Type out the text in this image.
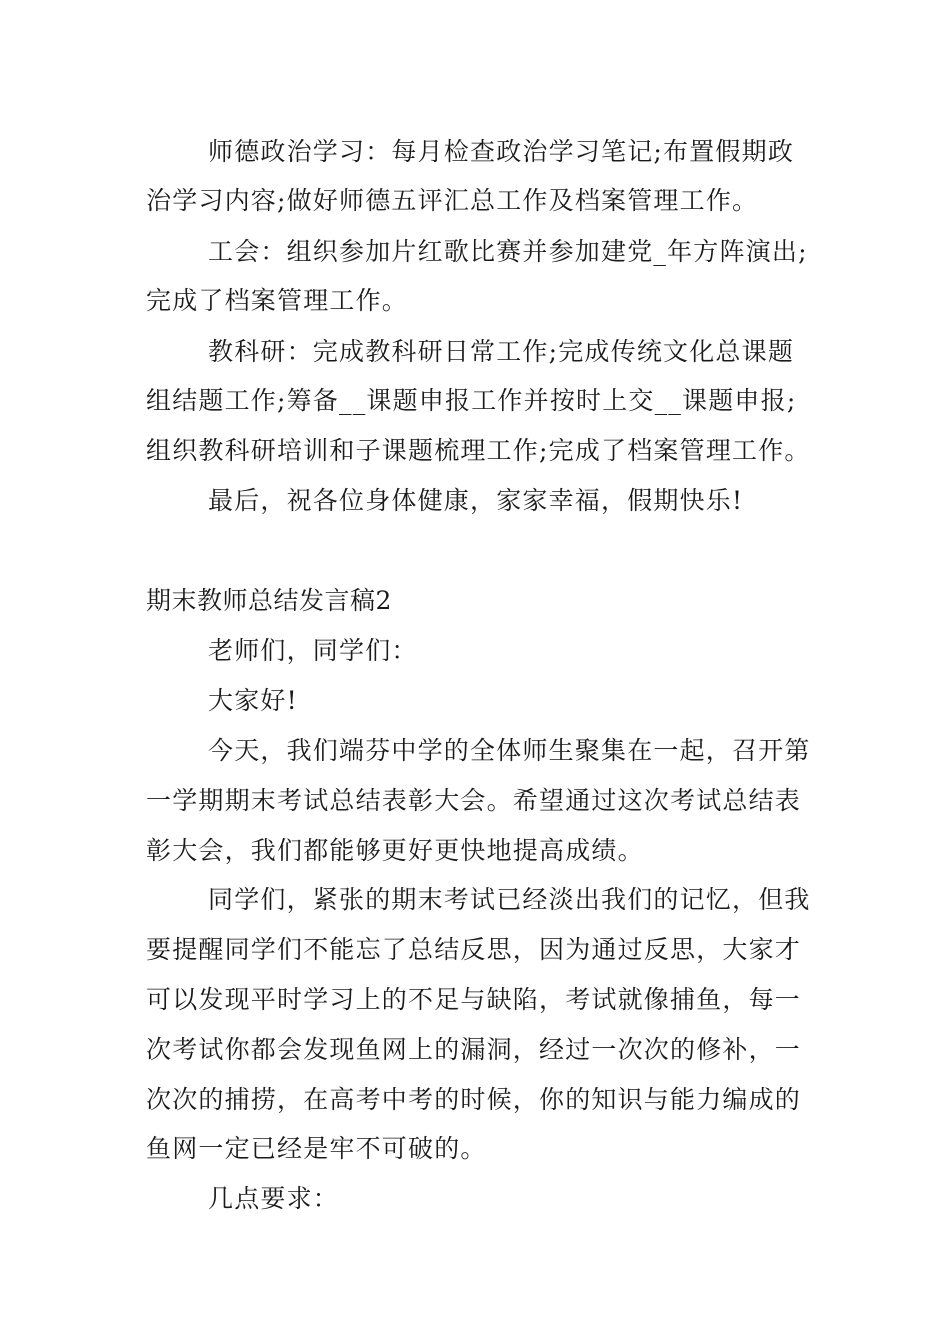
师德政治学习：每月检查政治学习笔记;布置假期政
治学习内容;做好师德五评汇总工作及档案管理工作。
工会：组织参加片红歌比赛并参加建党_年方阵演出;
完成了档案管理工作。
教科研：完成教科研日常工作;完成传统文化总课题
组结题工作;筹备__课题申报工作并按时上交__课题申报;
组织教科研培训和子课题梳理工作;完成了档案管理工作。
最后，祝各位身体健康，家家幸福，假期快乐!
期末教师总结发言稿2
老师们，同学们：
大家好!
今天，我们端芬中学的全体师生聚集在一起，召开第
一学期期末考试总结表彰大会。希望通过这次考试总结表
彰大会，我们都能够更好更快地提高成绩。
同学们，紧张的期末考试已经淡出我们的记忆，但我
要提醒同学们不能忘了总结反思，因为通过反思，大家才
可以发现平时学习上的不足与缺陷，考试就像捕鱼，每一
次考试你都会发现鱼网上的漏洞，经过一次次的修补，一
次次的捕捞，在高考中考的时候，你的知识与能力编成的
鱼网一定已经是牢不可破的。
几点要求：
